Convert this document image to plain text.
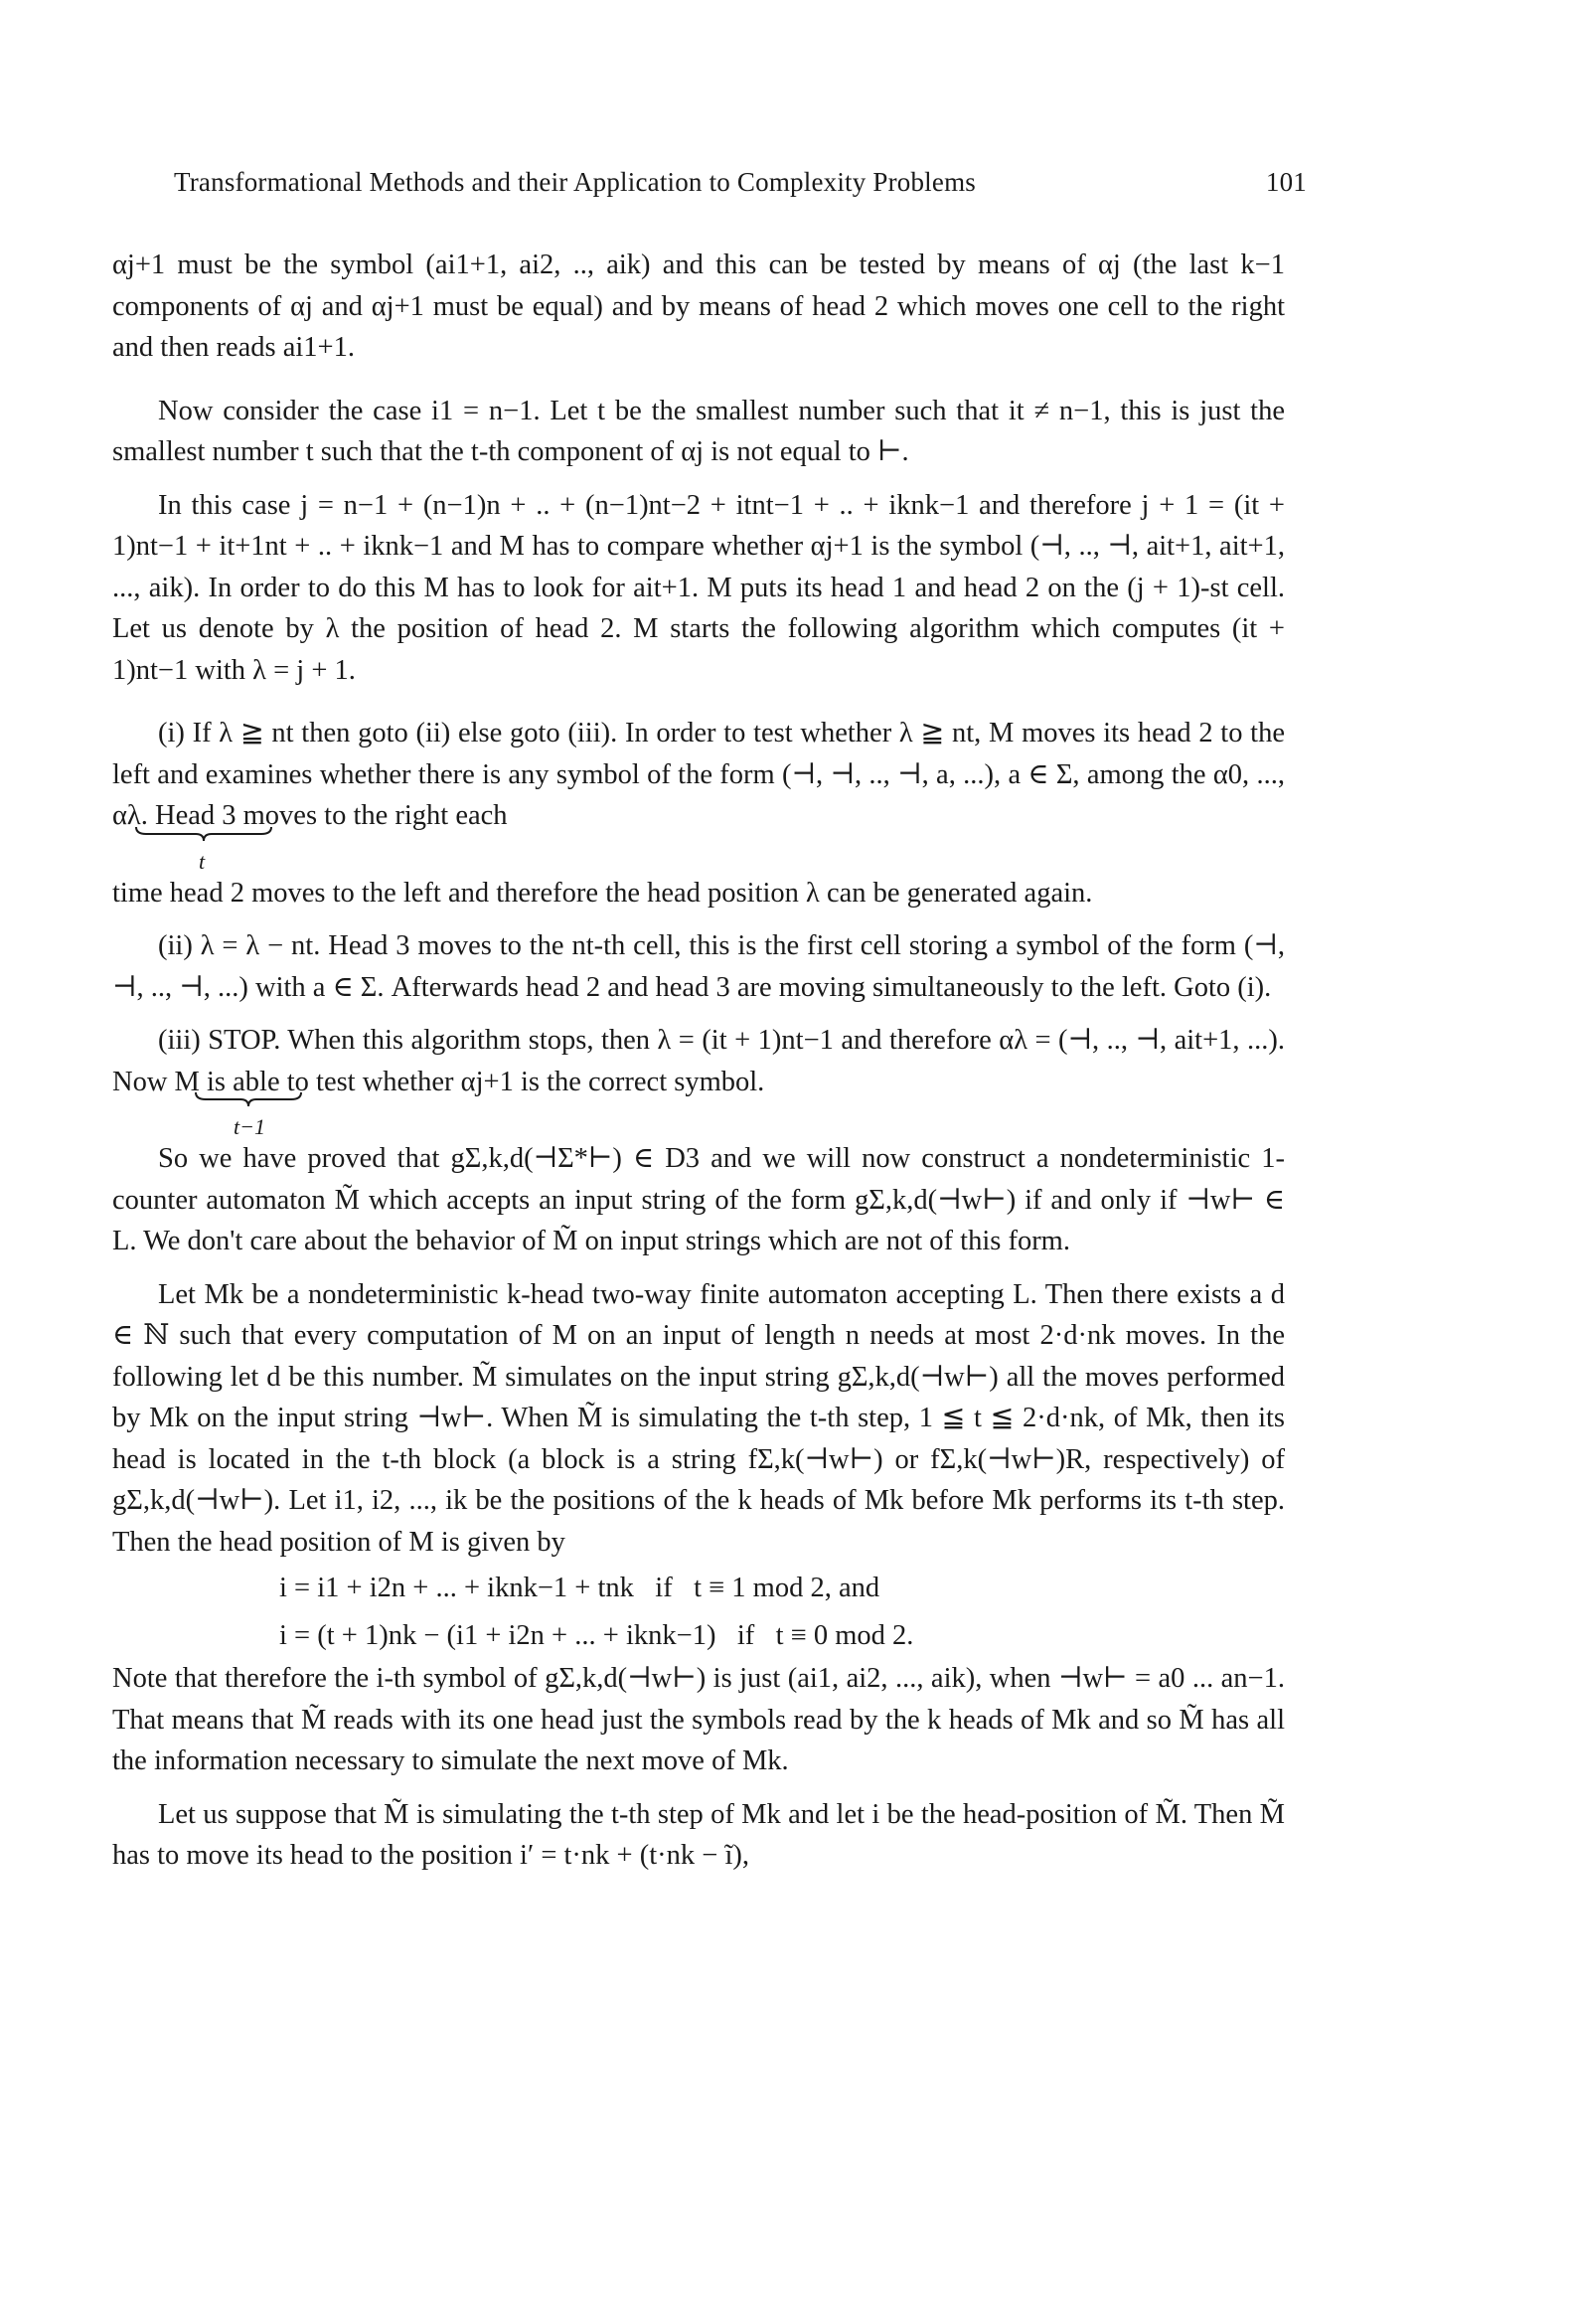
Transformational Methods and their Application to Complexity Problems	101

αj+1 must be the symbol (ai1+1, ai2, .., aik) and this can be tested by means of αj (the last k−1 components of αj and αj+1 must be equal) and by means of head 2 which moves one cell to the right and then reads ai1+1.

Now consider the case i1 = n−1. Let t be the smallest number such that it ≠ n−1, this is just the smallest number t such that the t-th component of αj is not equal to ⊢.

In this case j = n−1 + (n−1)n + .. + (n−1)nt−2 + itnt−1 + .. + iknk−1 and therefore j + 1 = (it + 1)nt−1 + it+1nt + .. + iknk−1 and M has to compare whether αj+1 is the symbol (⊣, .., ⊣, ait+1, ait+1, ..., aik). In order to do this M has to look for ait+1. M puts its head 1 and head 2 on the (j + 1)-st cell. Let us denote by λ the position of head 2. M starts the following algorithm which computes (it + 1)nt−1 with λ = j + 1.

(i) If λ ≧ nt then goto (ii) else goto (iii). In order to test whether λ ≧ nt, M moves its head 2 to the left and examines whether there is any symbol of the form (⊣, ⊣, .., ⊣, a, ...), a ∈ Σ, among the α0, ..., αλ. Head 3 moves to the right each

t

time head 2 moves to the left and therefore the head position λ can be generated again.

(ii) λ = λ − nt. Head 3 moves to the nt-th cell, this is the first cell storing a symbol of the form (⊣, ⊣, .., ⊣, ...) with a ∈ Σ. Afterwards head 2 and head 3 are moving simultaneously to the left. Goto (i).

(iii) STOP. When this algorithm stops, then λ = (it + 1)nt−1 and therefore αλ = (⊣, .., ⊣, ait+1, ...). Now M is able to test whether αj+1 is the correct symbol.

t−1

So we have proved that gΣ,k,d(⊣Σ*⊢) ∈ D3 and we will now construct a nondeterministic 1-counter automaton M̃ which accepts an input string of the form gΣ,k,d(⊣w⊢) if and only if ⊣w⊢ ∈ L. We don't care about the behavior of M̃ on input strings which are not of this form.

Let Mk be a nondeterministic k-head two-way finite automaton accepting L. Then there exists a d ∈ ℕ such that every computation of M on an input of length n needs at most 2·d·nk moves. In the following let d be this number. M̃ simulates on the input string gΣ,k,d(⊣w⊢) all the moves performed by Mk on the input string ⊣w⊢. When M̃ is simulating the t-th step, 1 ≦ t ≦ 2·d·nk, of Mk, then its head is located in the t-th block (a block is a string fΣ,k(⊣w⊢) or fΣ,k(⊣w⊢)R, respectively) of gΣ,k,d(⊣w⊢). Let i1, i2, ..., ik be the positions of the k heads of Mk before Mk performs its t-th step. Then the head position of M is given by

i = i1 + i2n + ... + iknk−1 + tnk   if   t ≡ 1 mod 2, and
i = (t + 1)nk − (i1 + i2n + ... + iknk−1)   if   t ≡ 0 mod 2.

Note that therefore the i-th symbol of gΣ,k,d(⊣w⊢) is just (ai1, ai2, ..., aik), when ⊣w⊢ = a0 ... an−1. That means that M̃ reads with its one head just the symbols read by the k heads of Mk and so M̃ has all the information necessary to simulate the next move of Mk.

Let us suppose that M̃ is simulating the t-th step of Mk and let i be the head-position of M̃. Then M̃ has to move its head to the position i′ = t·nk + (t·nk − ĩ),
